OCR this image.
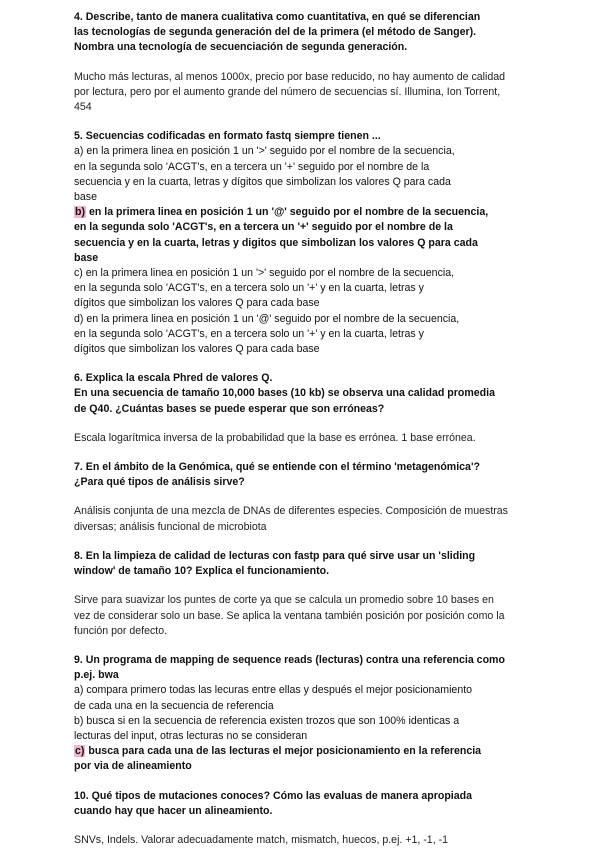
4. Describe, tanto de manera cualitativa como cuantitativa, en qué se diferencian
las tecnologías de segunda generación del de la primera (el método de Sanger).
Nombra una tecnología de secuenciación de segunda generación.
Mucho más lecturas, al menos 1000x, precio por base reducido, no hay aumento de calidad
por lectura, pero por el aumento grande del número de secuencias sí. Illumina, Ion Torrent,
454
5. Secuencias codificadas en formato fastq siempre tienen ...
a) en la primera linea en posición 1 un '>' seguido por el nombre de la secuencia,
en la segunda solo 'ACGT's, en a tercera un '+' seguido por el nombre de la
secuencia y en la cuarta, letras y dígitos que simbolizan los valores Q para cada
base
b) en la primera linea en posición 1 un '@' seguido por el nombre de la secuencia,
en la segunda solo 'ACGT's, en a tercera un '+' seguido por el nombre de la
secuencia y en la cuarta, letras y digitos que simbolizan los valores Q para cada
base
c) en la primera linea en posición 1 un '>' seguido por el nombre de la secuencia,
en la segunda solo 'ACGT's, en a tercera solo un '+' y en la cuarta, letras y
dígitos que simbolizan los valores Q para cada base
d) en la primera linea en posición 1 un '@' seguido por el nombre de la secuencia,
en la segunda solo 'ACGT's, en a tercera solo un '+' y en la cuarta, letras y
dígitos que simbolizan los valores Q para cada base
6. Explica la escala Phred de valores Q.
En una secuencia de tamaño 10,000 bases (10 kb) se observa una calidad promedia
de Q40. ¿Cuántas bases se puede esperar que son erróneas?
Escala logarítmica inversa de la probabilidad que la base es errónea. 1 base errónea.
7. En el ámbito de la Genómica, qué se entiende con el término 'metagenómica'?
¿Para qué tipos de análisis sirve?
Análisis conjunta de una mezcla de DNAs de diferentes especies. Composición de muestras
diversas; análisis funcional de microbiota
8. En la limpieza de calidad de lecturas con fastp para qué sirve usar un 'sliding
window' de tamaño 10? Explica el funcionamiento.
Sirve para suavizar los puntes de corte ya que se calcula un promedio sobre 10 bases en
vez de considerar solo un base. Se aplica la ventana también posición por posición como la
función por defecto.
9. Un programa de mapping de sequence reads (lecturas) contra una referencia como
p.ej. bwa
a) compara primero todas las lecuras entre ellas y después el mejor posicionamiento
de cada una en la secuencia de referencia
b) busca si en la secuencia de referencia existen trozos que son 100% identicas a
lecturas del input, otras lecturas no se consideran
c) busca para cada una de las lecturas el mejor posicionamiento en la referencia
por via de alineamiento
10. Qué tipos de mutaciones conoces? Cómo las evaluas de manera apropiada
cuando hay que hacer un alineamiento.
SNVs, Indels. Valorar adecuadamente match, mismatch, huecos, p.ej. +1, -1, -1
